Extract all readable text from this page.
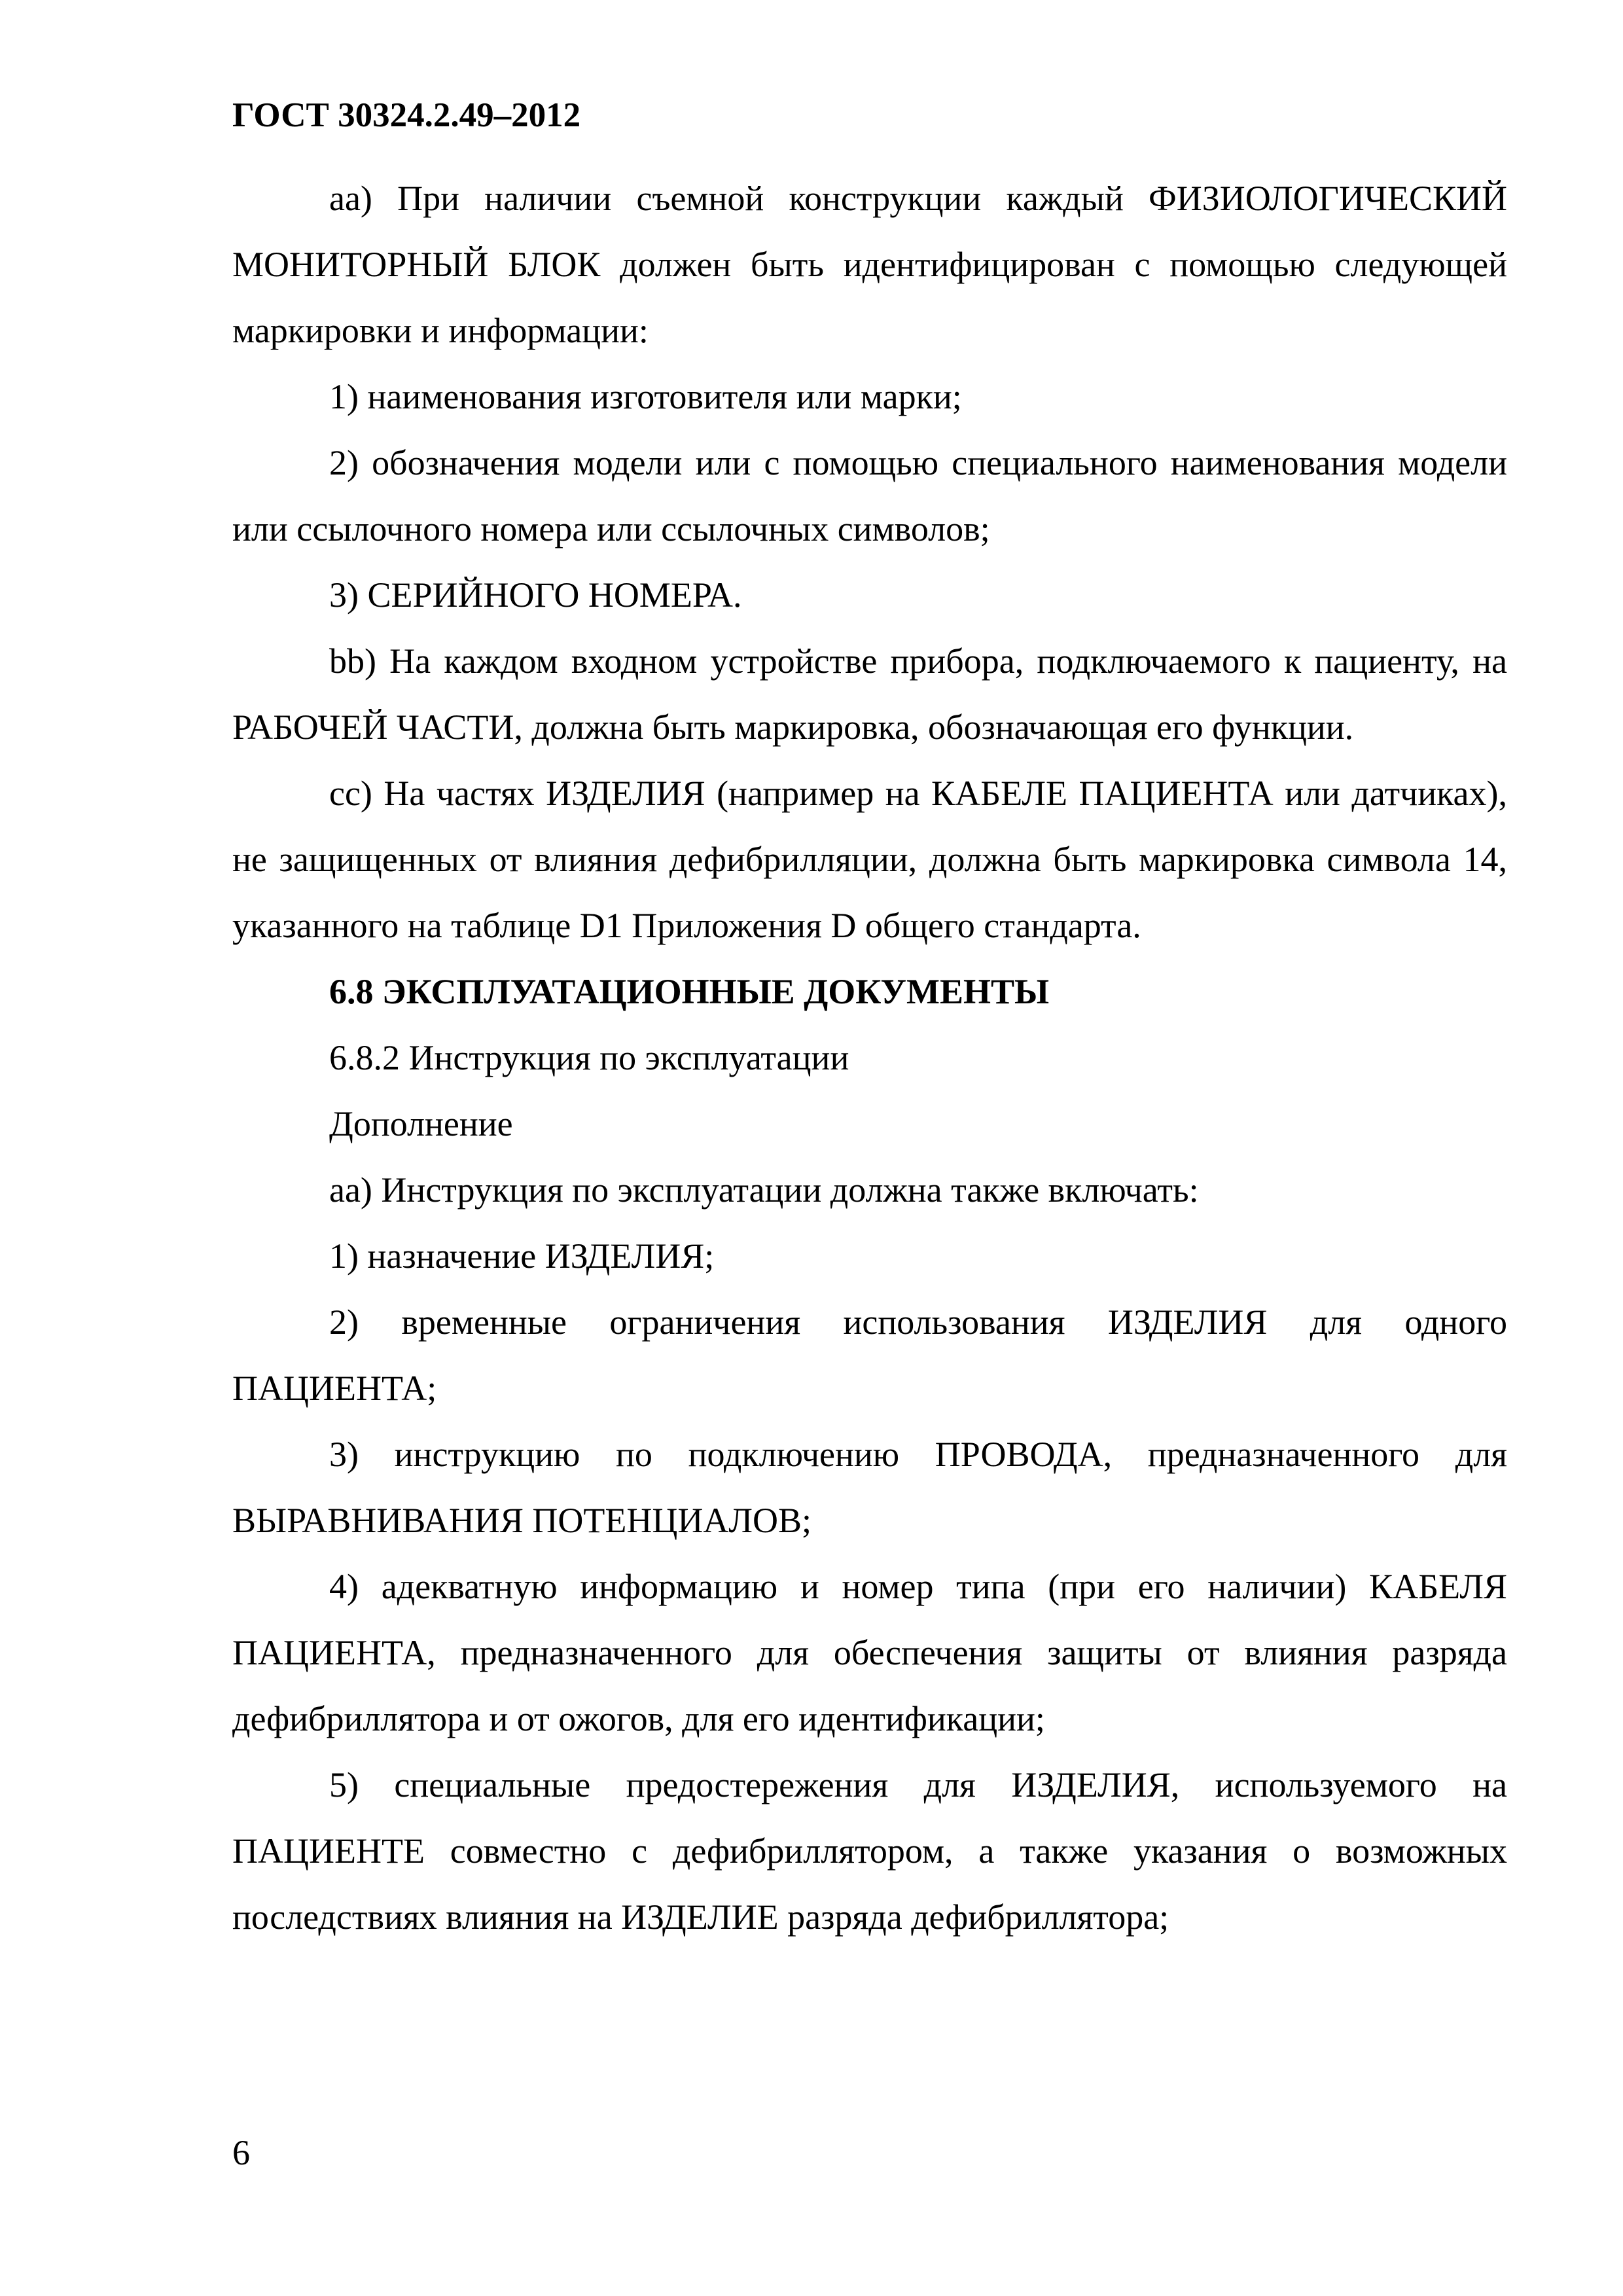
ГОСТ 30324.2.49–2012

аа) При наличии съемной конструкции каждый ФИЗИОЛОГИЧЕСКИЙ МОНИТОРНЫЙ БЛОК должен быть идентифицирован с помощью следующей маркировки и информации:

1) наименования изготовителя или марки;

2) обозначения модели или с помощью специального наименования модели или ссылочного номера или ссылочных символов;

3) СЕРИЙНОГО НОМЕРА.

bb) На каждом входном устройстве прибора, подключаемого к пациенту, на РАБОЧЕЙ ЧАСТИ, должна быть маркировка, обозначающая его функции.

cc) На частях ИЗДЕЛИЯ (например на КАБЕЛЕ ПАЦИЕНТА или датчиках), не защищенных от влияния дефибрилляции, должна быть маркировка символа 14, указанного на таблице D1 Приложения D общего стандарта.

6.8 ЭКСПЛУАТАЦИОННЫЕ ДОКУМЕНТЫ

6.8.2 Инструкция по эксплуатации

Дополнение

аа) Инструкция по эксплуатации должна также включать:

1) назначение ИЗДЕЛИЯ;

2) временные ограничения использования ИЗДЕЛИЯ для одного ПАЦИЕНТА;

3) инструкцию по подключению ПРОВОДА, предназначенного для ВЫРАВНИВАНИЯ ПОТЕНЦИАЛОВ;

4) адекватную информацию и номер типа (при его наличии) КАБЕЛЯ ПАЦИЕНТА, предназначенного для обеспечения защиты от влияния разряда дефибриллятора и от ожогов, для его идентификации;

5) специальные предостережения для ИЗДЕЛИЯ, используемого на ПАЦИЕНТЕ совместно с дефибриллятором, а также указания о возможных последствиях влияния на ИЗДЕЛИЕ разряда дефибриллятора;

6
